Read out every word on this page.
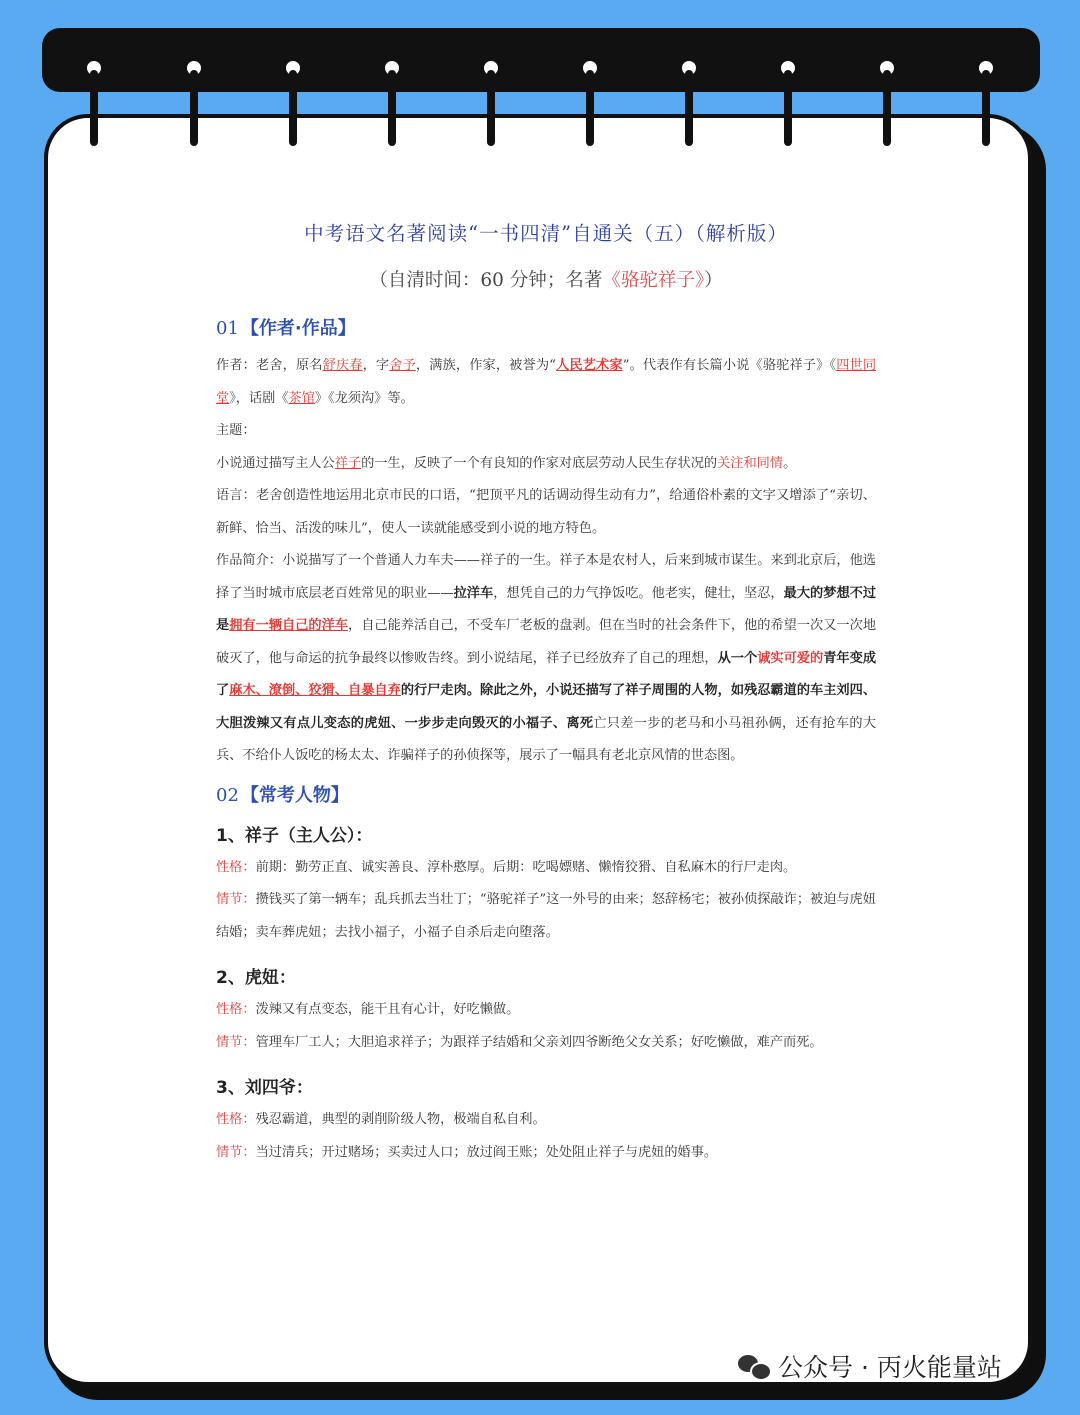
中考语文名著阅读“一书四清”自通关（五）（解析版）
（自清时间：60 分钟；名著《骆驼祥子》）
01 【作者·作品】

作者：老舍，原名舒庆春，字舍予，满族，作家，被誉为“人民艺术家”。代表作有长篇小说《骆驼祥子》《四世同堂》，话剧《茶馆》《龙须沟》等。

主题：

小说通过描写主人公祥子的一生，反映了一个有良知的作家对底层劳动人民生存状况的关注和同情。

语言：老舍创造性地运用北京市民的口语，“把顶平凡的话调动得生动有力”，给通俗朴素的文字又增添了“亲切、新鲜、恰当、活泼的味儿”，使人一读就能感受到小说的地方特色。

作品简介：小说描写了一个普通人力车夫——祥子的一生。祥子本是农村人，后来到城市谋生。来到北京后，他选择了当时城市底层老百姓常见的职业——拉洋车，想凭自己的力气挣饭吃。他老实，健壮，坚忍，最大的梦想不过是拥有一辆自己的洋车，自己能养活自己，不受车厂老板的盘剥。但在当时的社会条件下，他的希望一次又一次地破灭了，他与命运的抗争最终以惨败告终。到小说结尾，祥子已经放弃了自己的理想，从一个诚实可爱的青年变成了麻木、潦倒、狡猾、自暴自弃的行尸走肉。除此之外，小说还描写了祥子周围的人物，如残忍霸道的车主刘四、大胆泼辣又有点儿变态的虎妞、一步步走向毁灭的小福子、离死亡只差一步的老马和小马祖孙俩，还有抢车的大兵、不给仆人饭吃的杨太太、诈骗祥子的孙侦探等，展示了一幅具有老北京风情的世态图。

02 【常考人物】
1、祥子（主人公）：

性格：前期：勤劳正直、诚实善良、淳朴憨厚。后期：吃喝嫖赌、懒惰狡猾、自私麻木的行尸走肉。

情节：攒钱买了第一辆车；乱兵抓去当壮丁；“骆驼祥子”这一外号的由来；怒辞杨宅；被孙侦探敲诈；被迫与虎妞结婚；卖车葬虎妞；去找小福子，小福子自杀后走向堕落。

2、虎妞：

性格：泼辣又有点变态，能干且有心计，好吃懒做。

情节：管理车厂工人；大胆追求祥子；为跟祥子结婚和父亲刘四爷断绝父女关系；好吃懒做，难产而死。

3、刘四爷：

性格：残忍霸道，典型的剥削阶级人物，极端自私自利。

情节：当过清兵；开过赌场；买卖过人口；放过阎王账；处处阻止祥子与虎妞的婚事。

公众号 · 丙火能量站
